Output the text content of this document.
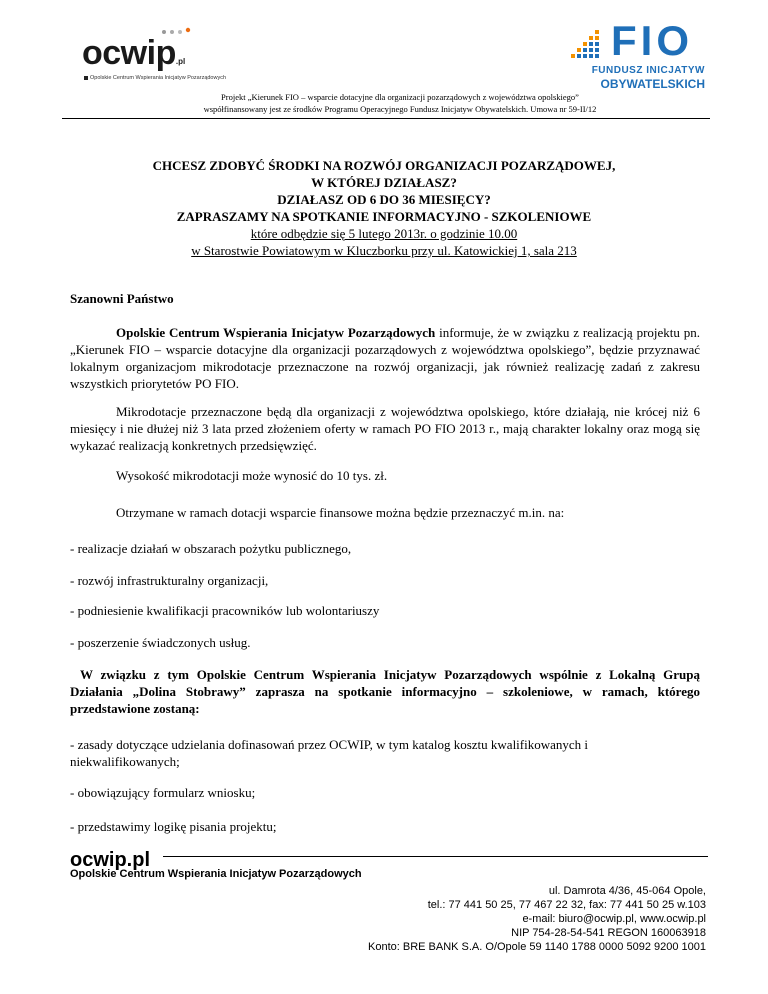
ocwip.pl
Opolskie Centrum Wspierania Inicjatyw Pozarządowych
FIO
FUNDUSZ INICJATYW
OBYWATELSKICH
Projekt „Kierunek FIO – wsparcie dotacyjne dla organizacji pozarządowych z województwa opolskiego”
współfinansowany jest ze środków Programu Operacyjnego Fundusz Inicjatyw Obywatelskich. Umowa nr 59-II/12
CHCESZ ZDOBYĆ ŚRODKI NA ROZWÓJ ORGANIZACJI POZARZĄDOWEJ,
W KTÓREJ DZIAŁASZ?
DZIAŁASZ OD 6 DO 36 MIESIĘCY?
ZAPRASZAMY NA SPOTKANIE INFORMACYJNO - SZKOLENIOWE
które odbędzie się 5 lutego 2013r. o godzinie 10.00
w Starostwie Powiatowym w Kluczborku przy ul. Katowickiej 1, sala 213
Szanowni Państwo
Opolskie Centrum Wspierania Inicjatyw Pozarządowych informuje, że w związku z realizacją projektu pn. „Kierunek FIO – wsparcie dotacyjne dla organizacji pozarządowych z województwa opolskiego”, będzie przyznawać lokalnym organizacjom mikrodotacje przeznaczone na rozwój organizacji, jak również realizację zadań z zakresu wszystkich priorytetów PO FIO.
Mikrodotacje przeznaczone będą dla organizacji z województwa opolskiego, które działają, nie krócej niż 6 miesięcy i nie dłużej niż 3 lata przed złożeniem oferty w ramach PO FIO 2013 r., mają charakter lokalny oraz mogą się wykazać realizacją konkretnych przedsięwzięć.
Wysokość mikrodotacji może wynosić do 10 tys. zł.
Otrzymane w ramach dotacji wsparcie finansowe można będzie przeznaczyć m.in. na:
- realizacje działań w obszarach pożytku publicznego,
- rozwój infrastrukturalny organizacji,
- podniesienie kwalifikacji pracowników lub wolontariuszy
- poszerzenie świadczonych usług.
W związku z tym Opolskie Centrum Wspierania Inicjatyw Pozarządowych wspólnie z Lokalną Grupą Działania „Dolina Stobrawy” zaprasza na spotkanie informacyjno – szkoleniowe, w ramach, którego przedstawione zostaną:
- zasady dotyczące udzielania dofinasowań przez OCWIP, w tym katalog kosztu kwalifikowanych i niekwalifikowanych;
- obowiązujący formularz wniosku;
- przedstawimy logikę pisania projektu;
ocwip.pl
Opolskie Centrum Wspierania Inicjatyw Pozarządowych
ul. Damrota 4/36, 45-064 Opole,
tel.: 77 441 50 25, 77 467 22 32, fax: 77 441 50 25 w.103
e-mail: biuro@ocwip.pl, www.ocwip.pl
NIP 754-28-54-541 REGON 160063918
Konto: BRE BANK S.A. O/Opole 59 1140 1788 0000 5092 9200 1001
